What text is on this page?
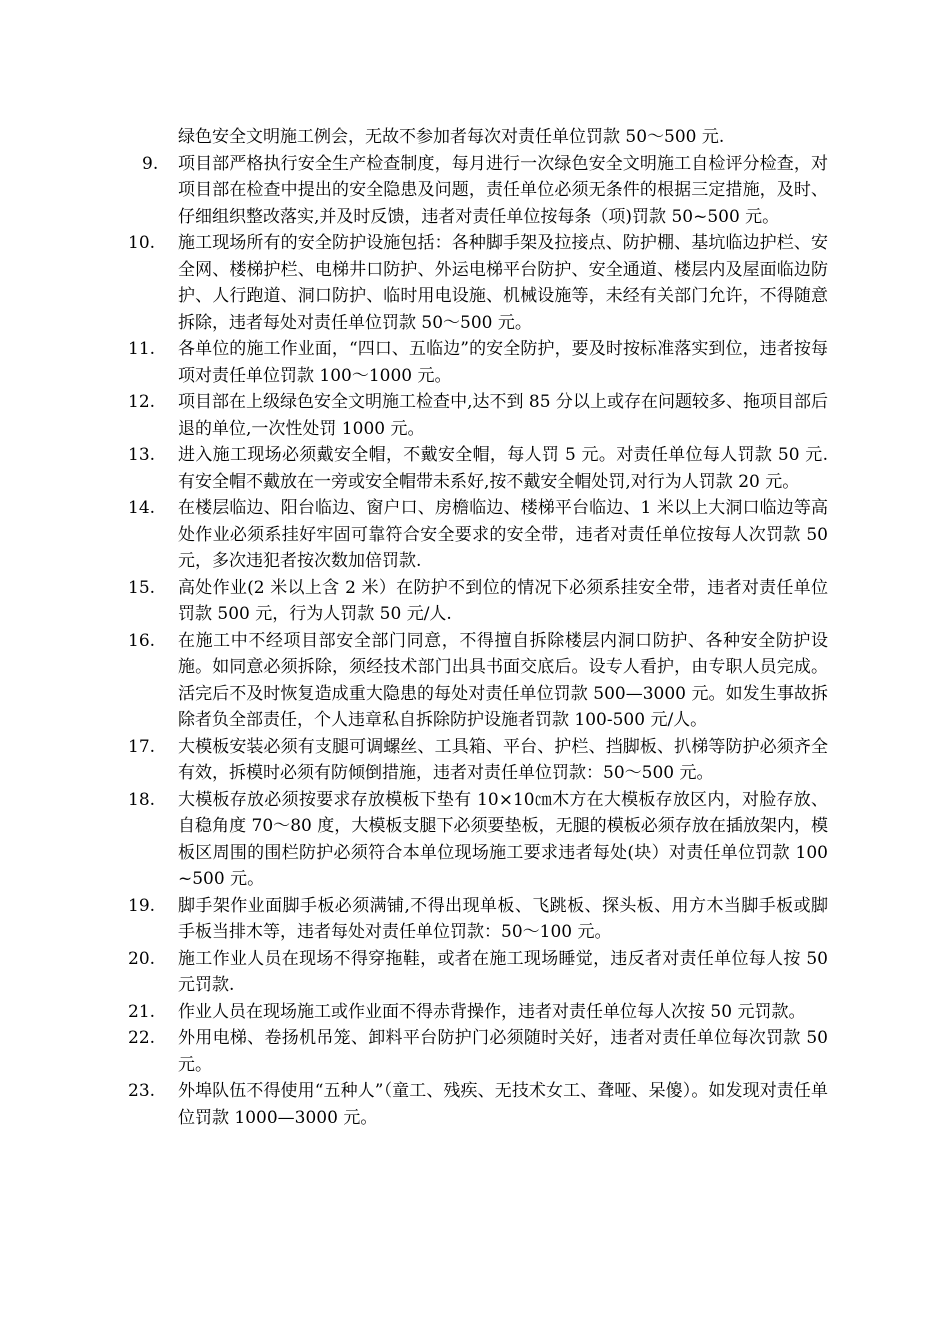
绿色安全文明施工例会，无故不参加者每次对责任单位罚款 50～500 元.
9.	项目部严格执行安全生产检查制度，每月进行一次绿色安全文明施工自检评分检查，对项目部在检查中提出的安全隐患及问题，责任单位必须无条件的根据三定措施，及时、仔细组织整改落实,并及时反馈，违者对责任单位按每条（项)罚款 50~500 元。
10.	施工现场所有的安全防护设施包括：各种脚手架及拉接点、防护棚、基坑临边护栏、安全网、楼梯护栏、电梯井口防护、外运电梯平台防护、安全通道、楼层内及屋面临边防护、人行跑道、洞口防护、临时用电设施、机械设施等，未经有关部门允许，不得随意拆除，违者每处对责任单位罚款 50～500 元。
11.	各单位的施工作业面，“四口、五临边”的安全防护，要及时按标准落实到位，违者按每项对责任单位罚款 100～1000 元。
12.	项目部在上级绿色安全文明施工检查中,达不到 85 分以上或存在问题较多、拖项目部后退的单位,一次性处罚 1000 元。
13.	进入施工现场必须戴安全帽，不戴安全帽，每人罚 5 元。对责任单位每人罚款 50 元.有安全帽不戴放在一旁或安全帽带未系好,按不戴安全帽处罚,对行为人罚款 20 元。
14.	在楼层临边、阳台临边、窗户口、房檐临边、楼梯平台临边、1 米以上大洞口临边等高处作业必须系挂好牢固可靠符合安全要求的安全带，违者对责任单位按每人次罚款 50 元，多次违犯者按次数加倍罚款.
15.	高处作业(2 米以上含 2 米）在防护不到位的情况下必须系挂安全带，违者对责任单位罚款 500 元，行为人罚款 50 元/人.
16.	在施工中不经项目部安全部门同意，不得擅自拆除楼层内洞口防护、各种安全防护设施。如同意必须拆除，须经技术部门出具书面交底后。设专人看护，由专职人员完成。活完后不及时恢复造成重大隐患的每处对责任单位罚款 500—3000 元。如发生事故拆除者负全部责任，个人违章私自拆除防护设施者罚款 100-500 元/人。
17.	大模板安装必须有支腿可调螺丝、工具箱、平台、护栏、挡脚板、扒梯等防护必须齐全有效，拆模时必须有防倾倒措施，违者对责任单位罚款：50～500 元。
18.	大模板存放必须按要求存放模板下垫有 10×10㎝木方在大模板存放区内，对脸存放、自稳角度 70～80 度，大模板支腿下必须要垫板，无腿的模板必须存放在插放架内，模板区周围的围栏防护必须符合本单位现场施工要求违者每处(块）对责任单位罚款 100~500 元。
19.	脚手架作业面脚手板必须满铺,不得出现单板、飞跳板、探头板、用方木当脚手板或脚手板当排木等，违者每处对责任单位罚款：50～100 元。
20.	施工作业人员在现场不得穿拖鞋，或者在施工现场睡觉，违反者对责任单位每人按 50 元罚款.
21.	作业人员在现场施工或作业面不得赤背操作，违者对责任单位每人次按 50 元罚款。
22.	外用电梯、卷扬机吊笼、卸料平台防护门必须随时关好，违者对责任单位每次罚款 50 元。
23.	外埠队伍不得使用“五种人”（童工、残疾、无技术女工、聋哑、呆傻）。如发现对责任单位罚款 1000—3000 元。
